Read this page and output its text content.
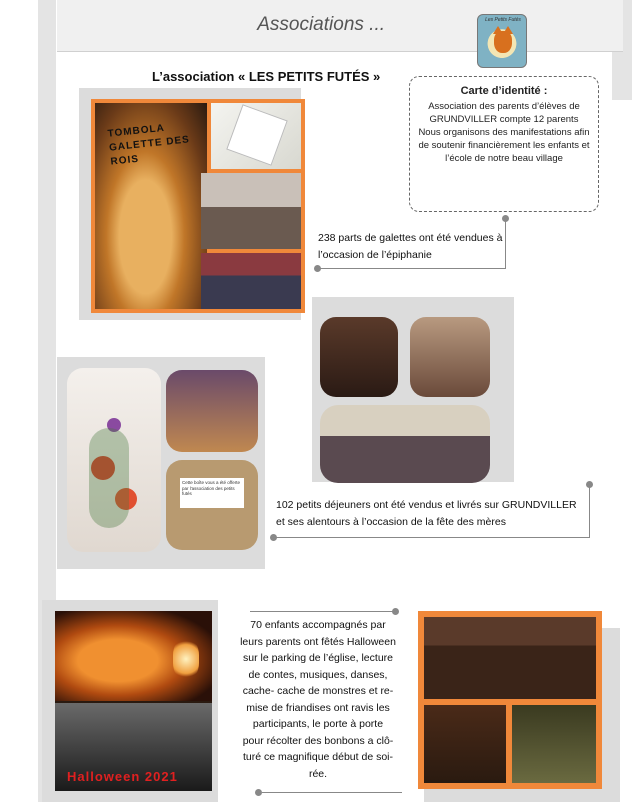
Associations ...	Les Petits Futés
L’association « LES PETITS FUTÉS »
Carte d’identité :
Association des parents d’élèves de
GRUNDVILLER compte 12 parents
Nous organisons des manifestations afin
de soutenir financièrement les enfants et
l’école de notre beau village
TOMBOLA GALETTE DES ROIS
238 parts de galettes ont été vendues à
l’occasion de l’épiphanie
Cette boîte vous a été offerte par l'association des petits futés
102 petits déjeuners ont été vendus et livrés sur GRUNDVILLER
et ses alentours à l’occasion de la fête des mères
Halloween 2021
70 enfants accompagnés par
leurs parents ont fêtés Halloween
sur le parking de l’église, lecture
de contes, musiques, danses,
cache- cache de monstres et re-
mise de friandises ont ravis les
participants, le porte à porte
pour récolter des bonbons a clô-
turé ce magnifique début de soi-
rée.
